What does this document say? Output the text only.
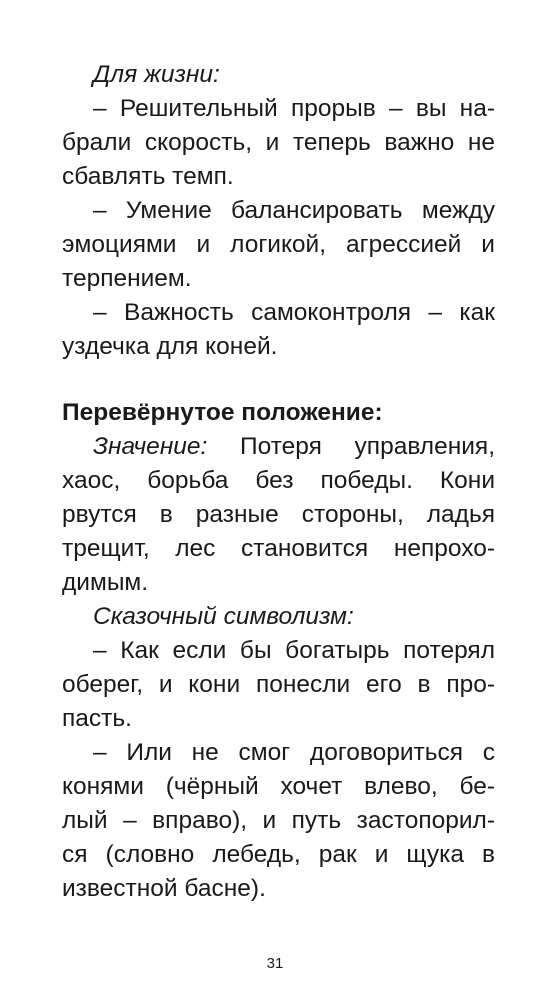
Для жизни:
– Решительный прорыв – вы на-
брали скорость, и теперь важно не
сбавлять темп.
– Умение балансировать между
эмоциями и логикой, агрессией и
терпением.
– Важность самоконтроля – как
уздечка для коней.
Перевёрнутое положение:
Значение: Потеря управления,
хаос, борьба без победы. Кони
рвутся в разные стороны, ладья
трещит, лес становится непрохо-
димым.
Сказочный символизм:
– Как если бы богатырь потерял
оберег, и кони понесли его в про-
пасть.
– Или не смог договориться с
конями (чёрный хочет влево, бе-
лый – вправо), и путь застопорил-
ся (словно лебедь, рак и щука в
известной басне).
31
